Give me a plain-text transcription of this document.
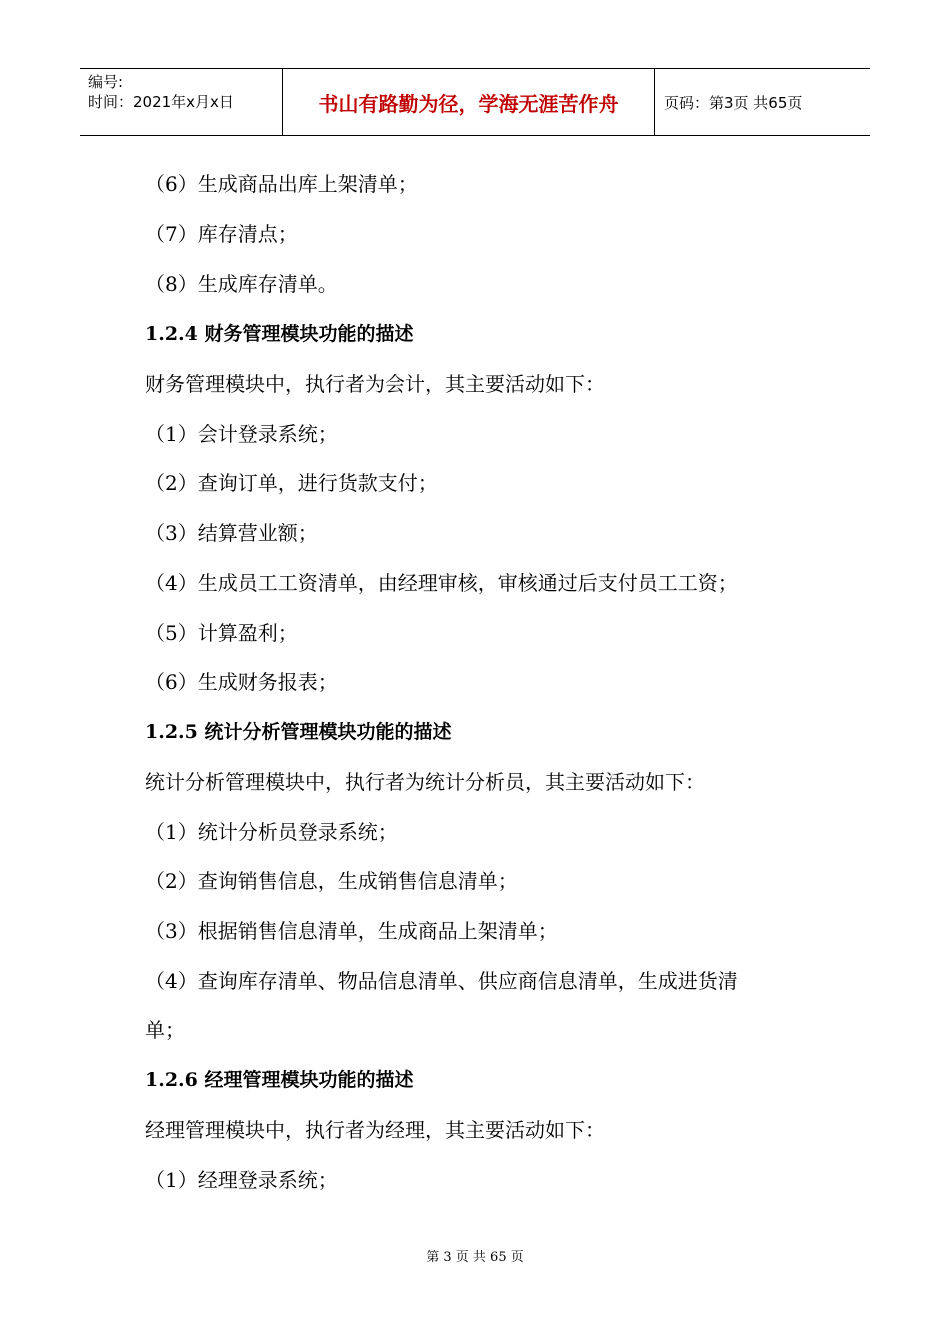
编号:
时间：2021年x月x日	书山有路勤为径，学海无涯苦作舟	页码：第3页 共65页
（6）生成商品出库上架清单；
（7）库存清点；
（8）生成库存清单。
1.2.4 财务管理模块功能的描述
财务管理模块中，执行者为会计，其主要活动如下：
（1）会计登录系统；
（2）查询订单，进行货款支付；
（3）结算营业额；
（4）生成员工工资清单，由经理审核，审核通过后支付员工工资；
（5）计算盈利；
（6）生成财务报表；
1.2.5 统计分析管理模块功能的描述
统计分析管理模块中，执行者为统计分析员，其主要活动如下：
（1）统计分析员登录系统；
（2）查询销售信息，生成销售信息清单；
（3）根据销售信息清单，生成商品上架清单；
（4）查询库存清单、物品信息清单、供应商信息清单，生成进货清
单；
1.2.6 经理管理模块功能的描述
经理管理模块中，执行者为经理，其主要活动如下：
（1）经理登录系统；
第 3 页 共 65 页
